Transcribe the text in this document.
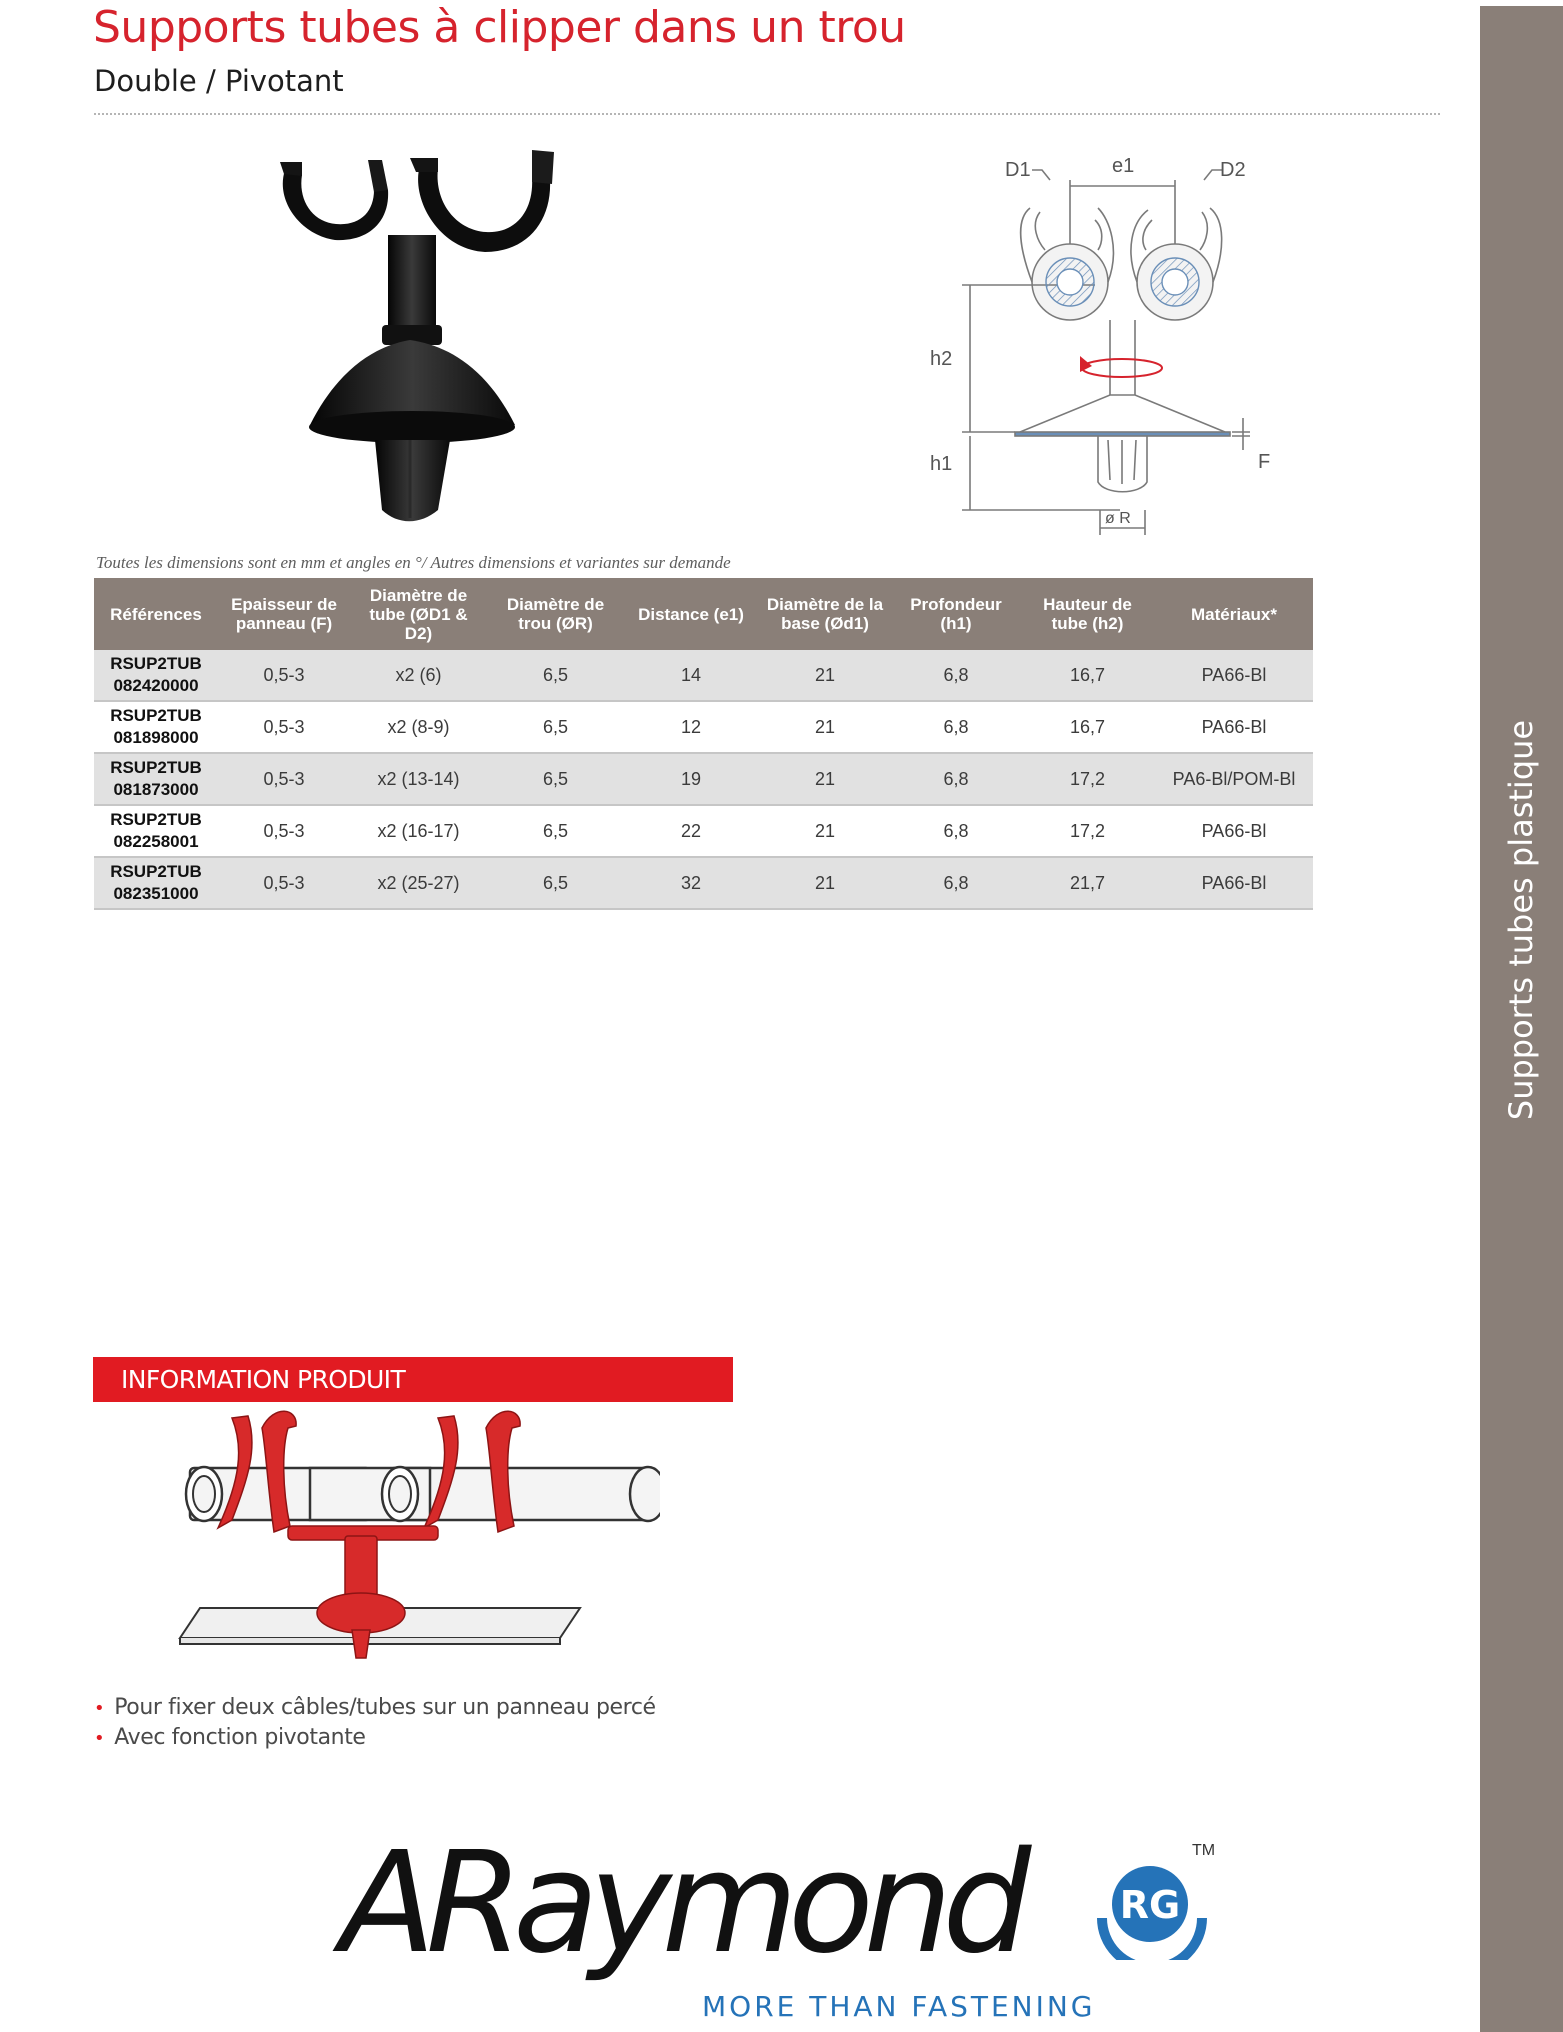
Supports tubes plastique
Supports tubes à clipper dans un trou
Double / Pivotant
D1	e1	D2
h2
h1	F
ø R
Toutes les dimensions sont en mm et angles en °/ Autres dimensions et variantes sur demande
Références	Epaisseur de panneau (F)	Diamètre de tube (ØD1 & D2)	Diamètre de trou (ØR)	Distance (e1)	Diamètre de la base (Ød1)	Profondeur (h1)	Hauteur de tube (h2)	Matériaux*
RSUP2TUB
082420000	0,5-3	x2 (6)	6,5	14	21	6,8	16,7	PA66-Bl
RSUP2TUB
081898000	0,5-3	x2 (8-9)	6,5	12	21	6,8	16,7	PA66-Bl
RSUP2TUB
081873000	0,5-3	x2 (13-14)	6,5	19	21	6,8	17,2	PA6-Bl/POM-Bl
RSUP2TUB
082258001	0,5-3	x2 (16-17)	6,5	22	21	6,8	17,2	PA66-Bl
RSUP2TUB
082351000	0,5-3	x2 (25-27)	6,5	32	21	6,8	21,7	PA66-Bl
INFORMATION PRODUIT
• Pour fixer deux câbles/tubes sur un panneau percé
• Avec fonction pivotante
ARaymond	RG
TM
MORE THAN FASTENING
